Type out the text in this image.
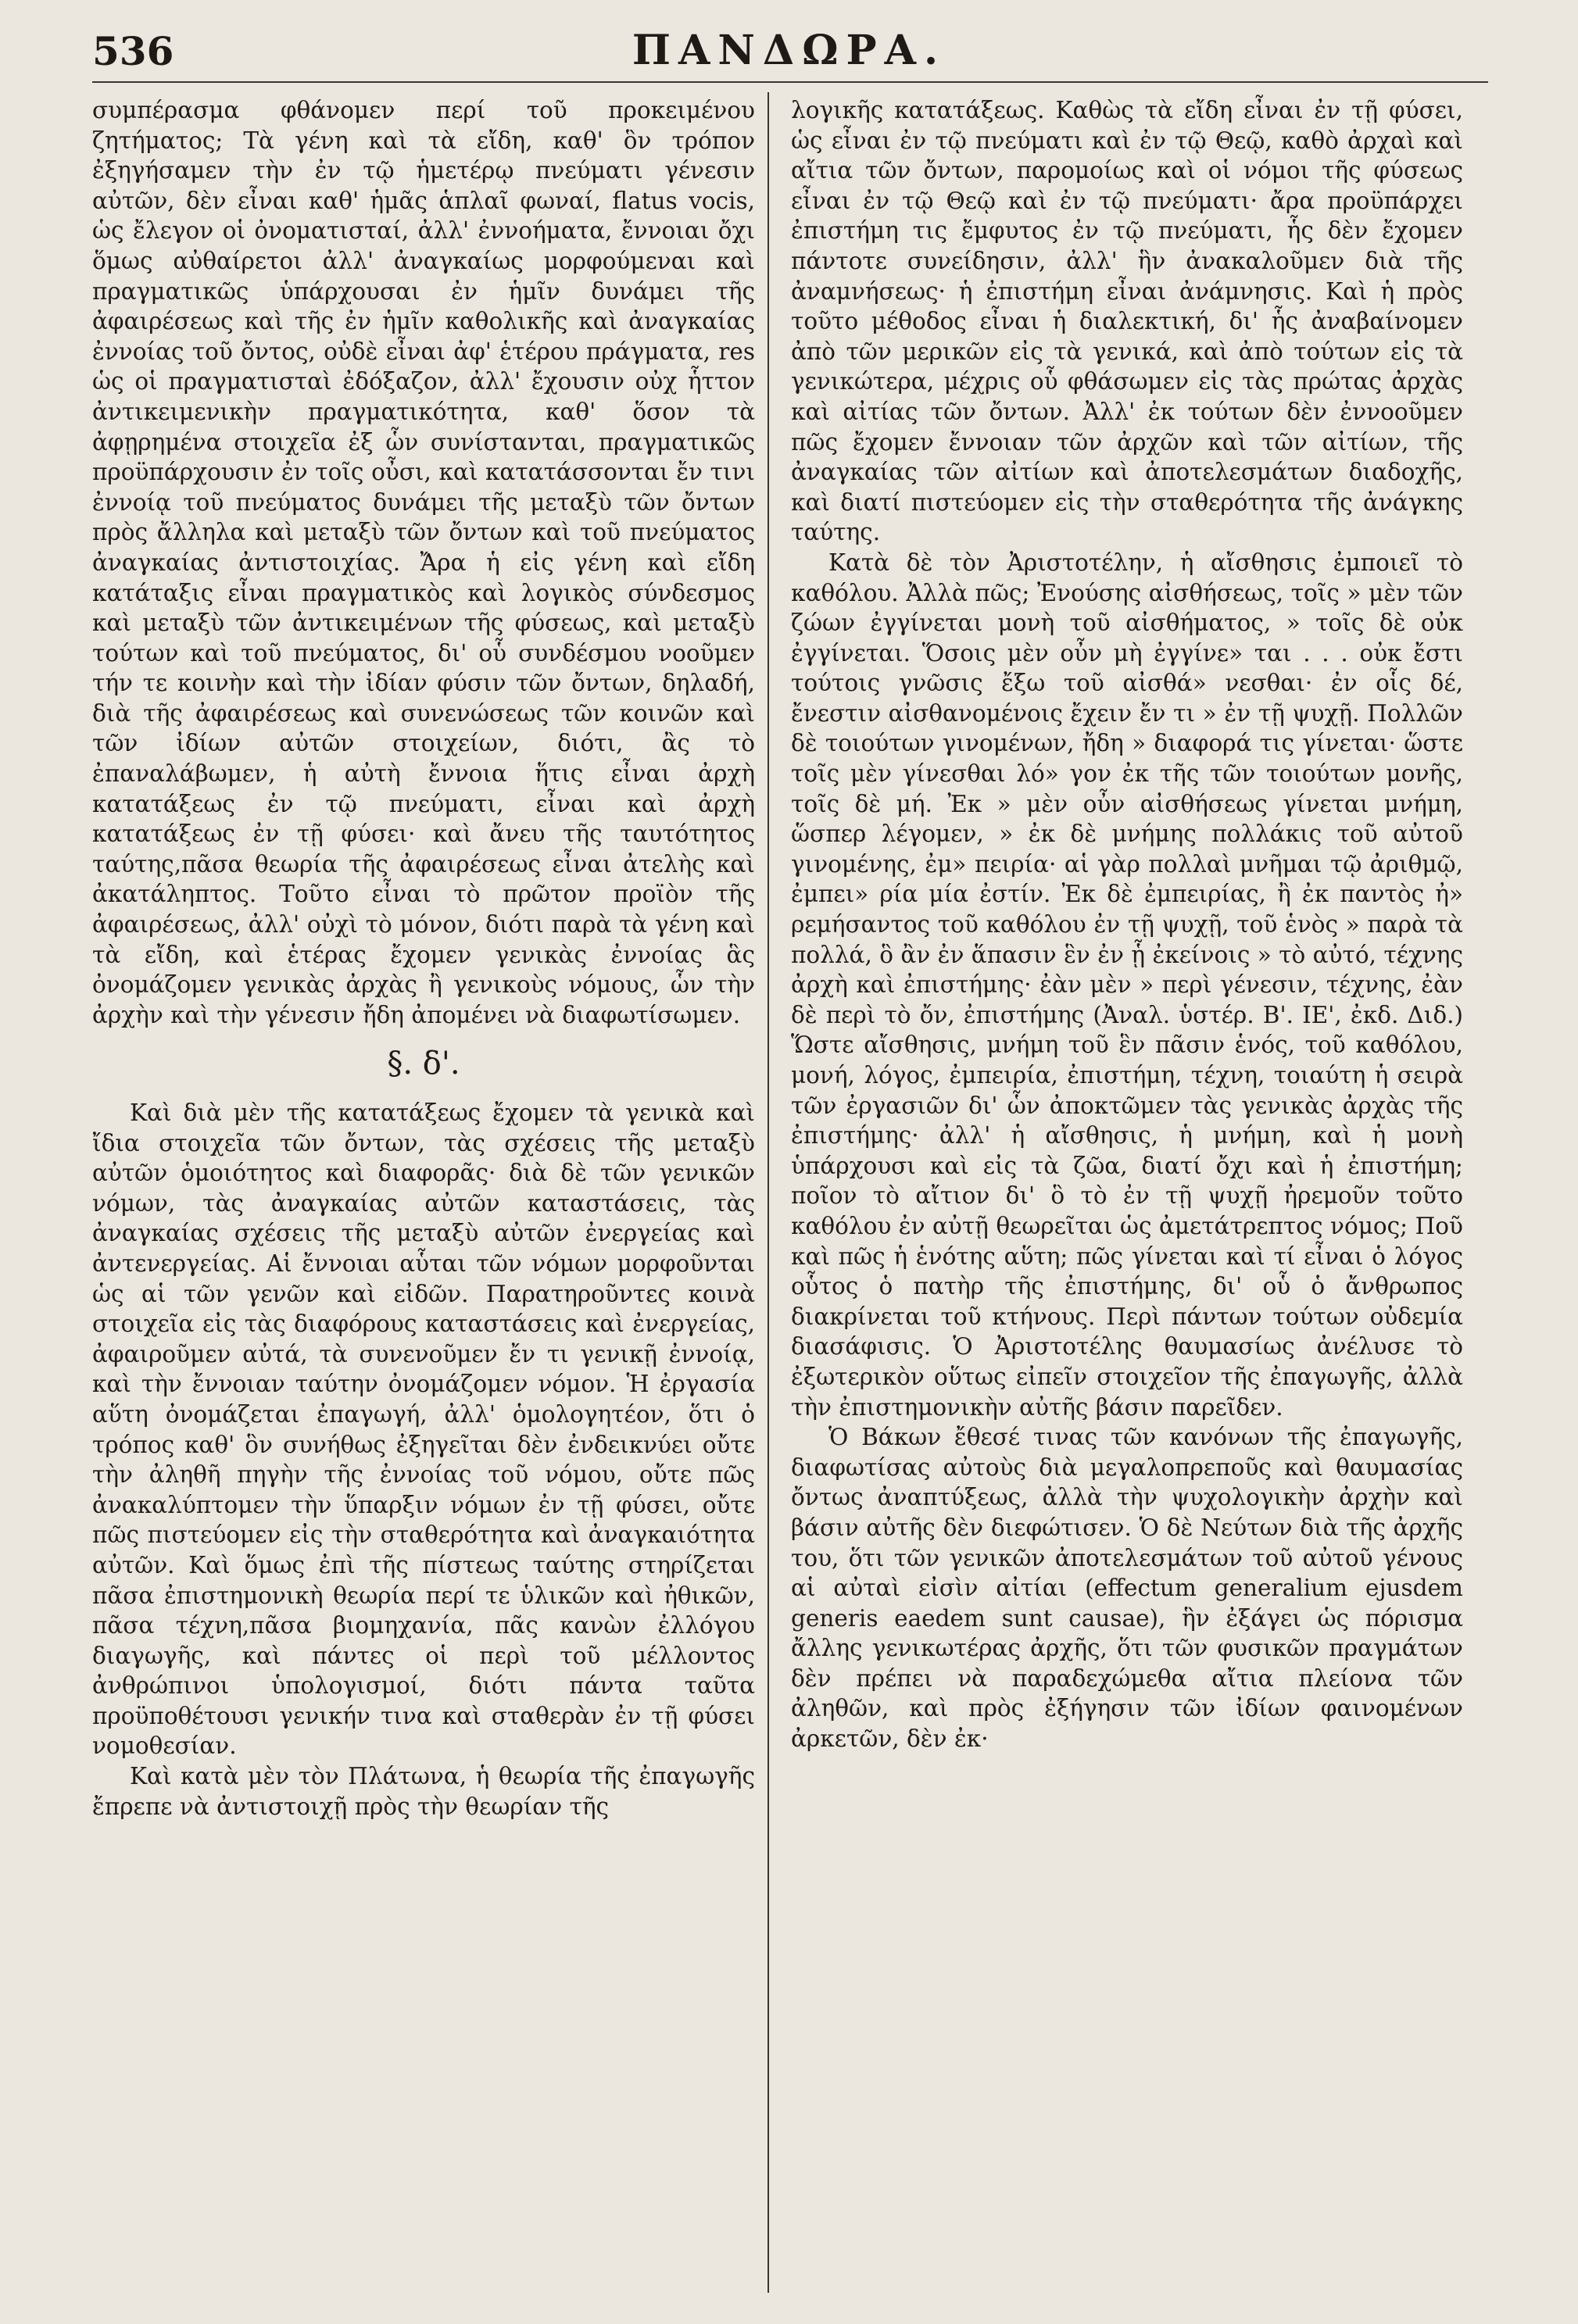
536	ΠΑΝΔΩΡΑ.

συμπέρασμα φθάνομεν περί τοῦ προκειμένου ζητήματος; Τὰ γένη καὶ τὰ εἴδη, καθ' ὃν τρόπον ἐξηγήσαμεν τὴν ἐν τῷ ἡμετέρῳ πνεύματι γένεσιν αὐτῶν, δὲν εἶναι καθ' ἡμᾶς ἁπλαῖ φωναί, flatus vocis, ὡς ἔλεγον οἱ ὀνοματισταί, ἀλλ' ἐννοήματα, ἔννοιαι ὄχι ὅμως αὐθαίρετοι ἀλλ' ἀναγκαίως μορφούμεναι καὶ πραγματικῶς ὑπάρχουσαι ἐν ἡμῖν δυνάμει τῆς ἀφαιρέσεως καὶ τῆς ἐν ἡμῖν καθολικῆς καὶ ἀναγκαίας ἐννοίας τοῦ ὄντος, οὐδὲ εἶναι ἀφ' ἑτέρου πράγματα, res ὡς οἱ πραγματισταὶ ἐδόξαζον, ἀλλ' ἔχουσιν οὐχ ἧττον ἀντικειμενικὴν πραγματικότητα, καθ' ὅσον τὰ ἀφῃρημένα στοιχεῖα ἐξ ὧν συνίστανται, πραγματικῶς προϋπάρχουσιν ἐν τοῖς οὖσι, καὶ κατατάσσονται ἔν τινι ἐννοίᾳ τοῦ πνεύματος δυνάμει τῆς μεταξὺ τῶν ὄντων πρὸς ἄλληλα καὶ μεταξὺ τῶν ὄντων καὶ τοῦ πνεύματος ἀναγκαίας ἀντιστοιχίας. Ἄρα ἡ εἰς γένη καὶ εἴδη κατάταξις εἶναι πραγματικὸς καὶ λογικὸς σύνδεσμος καὶ μεταξὺ τῶν ἀντικειμένων τῆς φύσεως, καὶ μεταξὺ τούτων καὶ τοῦ πνεύματος, δι' οὗ συνδέσμου νοοῦμεν τήν τε κοινὴν καὶ τὴν ἰδίαν φύσιν τῶν ὄντων, δηλαδή, διὰ τῆς ἀφαιρέσεως καὶ συνενώσεως τῶν κοινῶν καὶ τῶν ἰδίων αὐτῶν στοιχείων, διότι, ἂς τὸ ἐπαναλάβωμεν, ἡ αὐτὴ ἔννοια ἥτις εἶναι ἀρχὴ κατατάξεως ἐν τῷ πνεύματι, εἶναι καὶ ἀρχὴ κατατάξεως ἐν τῇ φύσει· καὶ ἄνευ τῆς ταυτότητος ταύτης,πᾶσα θεωρία τῆς ἀφαιρέσεως εἶναι ἀτελὴς καὶ ἀκατάληπτος. Τοῦτο εἶναι τὸ πρῶτον προϊὸν τῆς ἀφαιρέσεως, ἀλλ' οὐχὶ τὸ μόνον, διότι παρὰ τὰ γένη καὶ τὰ εἴδη, καὶ ἑτέρας ἔχομεν γενικὰς ἐννοίας ἃς ὀνομάζομεν γενικὰς ἀρχὰς ἢ γενικοὺς νόμους, ὧν τὴν ἀρχὴν καὶ τὴν γένεσιν ἤδη ἀπομένει νὰ διαφωτίσωμεν.

§. δ'.

Καὶ διὰ μὲν τῆς κατατάξεως ἔχομεν τὰ γενικὰ καὶ ἴδια στοιχεῖα τῶν ὄντων, τὰς σχέσεις τῆς μεταξὺ αὐτῶν ὁμοιότητος καὶ διαφορᾶς· διὰ δὲ τῶν γενικῶν νόμων, τὰς ἀναγκαίας αὐτῶν καταστάσεις, τὰς ἀναγκαίας σχέσεις τῆς μεταξὺ αὐτῶν ἐνεργείας καὶ ἀντενεργείας. Αἱ ἔννοιαι αὗται τῶν νόμων μορφοῦνται ὡς αἱ τῶν γενῶν καὶ εἰδῶν. Παρατηροῦντες κοινὰ στοιχεῖα εἰς τὰς διαφόρους καταστάσεις καὶ ἐνεργείας, ἀφαιροῦμεν αὐτά, τὰ συνενοῦμεν ἔν τι γενικῇ ἐννοίᾳ, καὶ τὴν ἔννοιαν ταύτην ὀνομάζομεν νόμον. Ἡ ἐργασία αὕτη ὀνομάζεται ἐπαγωγή, ἀλλ' ὁμολογητέον, ὅτι ὁ τρόπος καθ' ὃν συνήθως ἐξηγεῖται δὲν ἐνδεικνύει οὔτε τὴν ἀληθῆ πηγὴν τῆς ἐννοίας τοῦ νόμου, οὔτε πῶς ἀνακαλύπτομεν τὴν ὕπαρξιν νόμων ἐν τῇ φύσει, οὔτε πῶς πιστεύομεν εἰς τὴν σταθερότητα καὶ ἀναγκαιότητα αὐτῶν. Καὶ ὅμως ἐπὶ τῆς πίστεως ταύτης στηρίζεται πᾶσα ἐπιστημονικὴ θεωρία περί τε ὑλικῶν καὶ ἠθικῶν, πᾶσα τέχνη,πᾶσα βιομηχανία, πᾶς κανὼν ἐλλόγου διαγωγῆς, καὶ πάντες οἱ περὶ τοῦ μέλλοντος ἀνθρώπινοι ὑπολογισμοί, διότι πάντα ταῦτα προϋποθέτουσι γενικήν τινα καὶ σταθερὰν ἐν τῇ φύσει νομοθεσίαν.

Καὶ κατὰ μὲν τὸν Πλάτωνα, ἡ θεωρία τῆς ἐπαγωγῆς ἔπρεπε νὰ ἀντιστοιχῇ πρὸς τὴν θεωρίαν τῆς

λογικῆς κατατάξεως. Καθὼς τὰ εἴδη εἶναι ἐν τῇ φύσει, ὡς εἶναι ἐν τῷ πνεύματι καὶ ἐν τῷ Θεῷ, καθὸ ἀρχαὶ καὶ αἴτια τῶν ὄντων, παρομοίως καὶ οἱ νόμοι τῆς φύσεως εἶναι ἐν τῷ Θεῷ καὶ ἐν τῷ πνεύματι· ἄρα προϋπάρχει ἐπιστήμη τις ἔμφυτος ἐν τῷ πνεύματι, ἧς δὲν ἔχομεν πάντοτε συνείδησιν, ἀλλ' ἣν ἀνακαλοῦμεν διὰ τῆς ἀναμνήσεως· ἡ ἐπιστήμη εἶναι ἀνάμνησις. Καὶ ἡ πρὸς τοῦτο μέθοδος εἶναι ἡ διαλεκτική, δι' ἧς ἀναβαίνομεν ἀπὸ τῶν μερικῶν εἰς τὰ γενικά, καὶ ἀπὸ τούτων εἰς τὰ γενικώτερα, μέχρις οὗ φθάσωμεν εἰς τὰς πρώτας ἀρχὰς καὶ αἰτίας τῶν ὄντων. Ἀλλ' ἐκ τούτων δὲν ἐννοοῦμεν πῶς ἔχομεν ἔννοιαν τῶν ἀρχῶν καὶ τῶν αἰτίων, τῆς ἀναγκαίας τῶν αἰτίων καὶ ἀποτελεσμάτων διαδοχῆς, καὶ διατί πιστεύομεν εἰς τὴν σταθερότητα τῆς ἀνάγκης ταύτης.

Κατὰ δὲ τὸν Ἀριστοτέλην, ἡ αἴσθησις ἐμποιεῖ τὸ καθόλου. Ἀλλὰ πῶς; Ἐνούσης αἰσθήσεως, τοῖς » μὲν τῶν ζώων ἐγγίνεται μονὴ τοῦ αἰσθήματος, » τοῖς δὲ οὐκ ἐγγίνεται. Ὅσοις μὲν οὖν μὴ ἐγγίνε» ται . . . οὐκ ἔστι τούτοις γνῶσις ἔξω τοῦ αἰσθά» νεσθαι· ἐν οἷς δέ, ἔνεστιν αἰσθανομένοις ἔχειν ἔν τι » ἐν τῇ ψυχῇ. Πολλῶν δὲ τοιούτων γινομένων, ἤδη » διαφορά τις γίνεται· ὥστε τοῖς μὲν γίνεσθαι λό» γον ἐκ τῆς τῶν τοιούτων μονῆς, τοῖς δὲ μή. Ἐκ » μὲν οὖν αἰσθήσεως γίνεται μνήμη, ὥσπερ λέγομεν, » ἐκ δὲ μνήμης πολλάκις τοῦ αὐτοῦ γινομένης, ἐμ» πειρία· αἱ γὰρ πολλαὶ μνῆμαι τῷ ἀριθμῷ, ἐμπει» ρία μία ἐστίν. Ἐκ δὲ ἐμπειρίας, ἢ ἐκ παντὸς ἠ» ρεμήσαντος τοῦ καθόλου ἐν τῇ ψυχῇ, τοῦ ἑνὸς » παρὰ τὰ πολλά, ὃ ἂν ἐν ἅπασιν ἓν ἐν ᾗ ἐκείνοις » τὸ αὐτό, τέχνης ἀρχὴ καὶ ἐπιστήμης· ἐὰν μὲν » περὶ γένεσιν, τέχνης, ἐὰν δὲ περὶ τὸ ὄν, ἐπιστήμης (Ἀναλ. ὑστέρ. Β'. ΙΕ', ἐκδ. Διδ.) Ὥστε αἴσθησις, μνήμη τοῦ ἓν πᾶσιν ἑνός, τοῦ καθόλου, μονή, λόγος, ἐμπειρία, ἐπιστήμη, τέχνη, τοιαύτη ἡ σειρὰ τῶν ἐργασιῶν δι' ὧν ἀποκτῶμεν τὰς γενικὰς ἀρχὰς τῆς ἐπιστήμης· ἀλλ' ἡ αἴσθησις, ἡ μνήμη, καὶ ἡ μονὴ ὑπάρχουσι καὶ εἰς τὰ ζῶα, διατί ὄχι καὶ ἡ ἐπιστήμη; ποῖον τὸ αἴτιον δι' ὃ τὸ ἐν τῇ ψυχῇ ἠρεμοῦν τοῦτο καθόλου ἐν αὐτῇ θεωρεῖται ὡς ἀμετάτρεπτος νόμος; Ποῦ καὶ πῶς ἡ ἑνότης αὕτη; πῶς γίνεται καὶ τί εἶναι ὁ λόγος οὗτος ὁ πατὴρ τῆς ἐπιστήμης, δι' οὗ ὁ ἄνθρωπος διακρίνεται τοῦ κτήνους. Περὶ πάντων τούτων οὐδεμία διασάφισις. Ὁ Ἀριστοτέλης θαυμασίως ἀνέλυσε τὸ ἐξωτερικὸν οὕτως εἰπεῖν στοιχεῖον τῆς ἐπαγωγῆς, ἀλλὰ τὴν ἐπιστημονικὴν αὐτῆς βάσιν παρεῖδεν.

Ὁ Βάκων ἔθεσέ τινας τῶν κανόνων τῆς ἐπαγωγῆς, διαφωτίσας αὐτοὺς διὰ μεγαλοπρεποῦς καὶ θαυμασίας ὄντως ἀναπτύξεως, ἀλλὰ τὴν ψυχολογικὴν ἀρχὴν καὶ βάσιν αὐτῆς δὲν διεφώτισεν. Ὁ δὲ Νεύτων διὰ τῆς ἀρχῆς του, ὅτι τῶν γενικῶν ἀποτελεσμάτων τοῦ αὐτοῦ γένους αἱ αὐταὶ εἰσὶν αἰτίαι (effectum generalium ejusdem generis eaedem sunt causae), ἣν ἐξάγει ὡς πόρισμα ἄλλης γενικωτέρας ἀρχῆς, ὅτι τῶν φυσικῶν πραγμάτων δὲν πρέπει νὰ παραδεχώμεθα αἴτια πλείονα τῶν ἀληθῶν, καὶ πρὸς ἐξήγησιν τῶν ἰδίων φαινομένων ἀρκετῶν, δὲν ἐκ·
